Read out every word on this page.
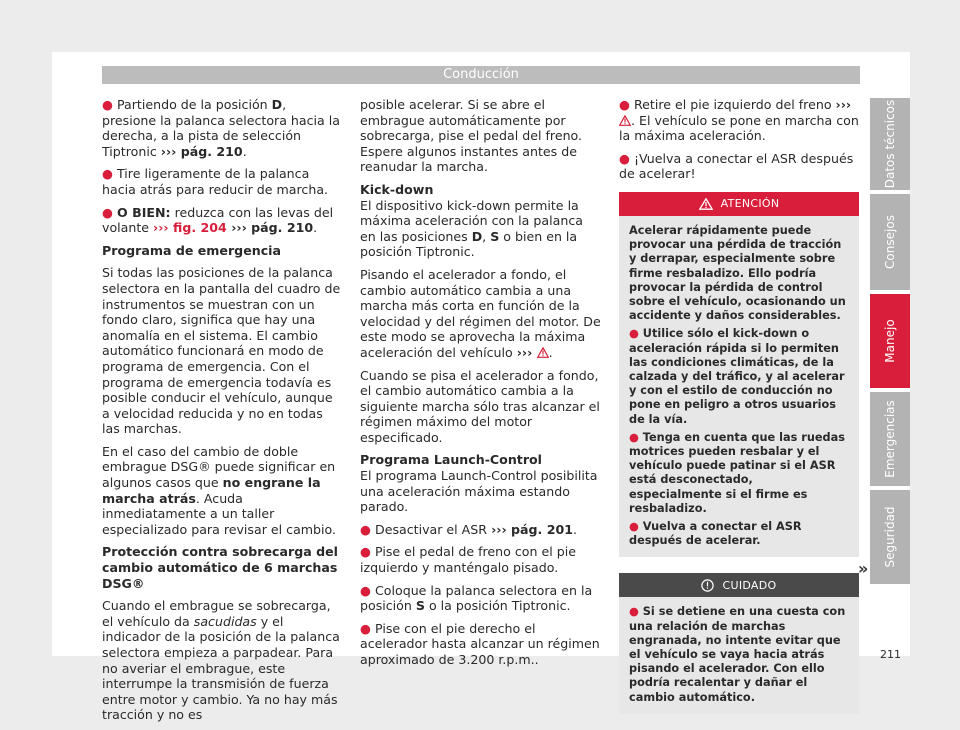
Conducción

● Partiendo de la posición D, presione la palanca selectora hacia la derecha, a la pista de selección Tiptronic ››› pág. 210.

● Tire ligeramente de la palanca hacia atrás para reducir de marcha.

● O BIEN: reduzca con las levas del volante ››› fig. 204 ››› pág. 210.

Programa de emergencia

Si todas las posiciones de la palanca selectora en la pantalla del cuadro de instrumentos se muestran con un fondo claro, significa que hay una anomalía en el sistema. El cambio automático funcionará en modo de programa de emergencia. Con el programa de emergencia todavía es posible conducir el vehículo, aunque a velocidad reducida y no en todas las marchas.

En el caso del cambio de doble embrague DSG® puede significar en algunos casos que no engrane la marcha atrás. Acuda inmediatamente a un taller especializado para revisar el cambio.

Protección contra sobrecarga del cambio automático de 6 marchas DSG®

Cuando el embrague se sobrecarga, el vehículo da sacudidas y el indicador de la posición de la palanca selectora empieza a parpadear. Para no averiar el embrague, este interrumpe la transmisión de fuerza entre motor y cambio. Ya no hay más tracción y no es

posible acelerar. Si se abre el embrague automáticamente por sobrecarga, pise el pedal del freno. Espere algunos instantes antes de reanudar la marcha.

Kick-down

El dispositivo kick-down permite la máxima aceleración con la palanca en las posiciones D, S o bien en la posición Tiptronic.

Pisando el acelerador a fondo, el cambio automático cambia a una marcha más corta en función de la velocidad y del régimen del motor. De este modo se aprovecha la máxima aceleración del vehículo ››› .

Cuando se pisa el acelerador a fondo, el cambio automático cambia a la siguiente marcha sólo tras alcanzar el régimen máximo del motor especificado.

Programa Launch-Control

El programa Launch-Control posibilita una aceleración máxima estando parado.

● Desactivar el ASR ››› pág. 201.

● Pise el pedal de freno con el pie izquierdo y manténgalo pisado.

● Coloque la palanca selectora en la posición S o la posición Tiptronic.

● Pise con el pie derecho el acelerador hasta alcanzar un régimen aproximado de 3.200 r.p.m..

● Retire el pie izquierdo del freno ››› . El vehículo se pone en marcha con la máxima aceleración.

● ¡Vuelva a conectar el ASR después de acelerar!

ATENCIÓN

Acelerar rápidamente puede provocar una pérdida de tracción y derrapar, especialmente sobre firme resbaladizo. Ello podría provocar la pérdida de control sobre el vehículo, ocasionando un accidente y daños considerables.

● Utilice sólo el kick-down o aceleración rápida si lo permiten las condiciones climáticas, de la calzada y del tráfico, y al acelerar y con el estilo de conducción no pone en peligro a otros usuarios de la vía.

● Tenga en cuenta que las ruedas motrices pueden resbalar y el vehículo puede patinar si el ASR está desconectado, especialmente si el firme es resbaladizo.

● Vuelva a conectar el ASR después de acelerar.

CUIDADO

● Si se detiene en una cuesta con una relación de marchas engranada, no intente evitar que el vehículo se vaya hacia atrás pisando el acelerador. Con ello podría recalentar y dañar el cambio automático.

»
Datos técnicos
Consejos
Manejo
Emergencias
Seguridad
211
